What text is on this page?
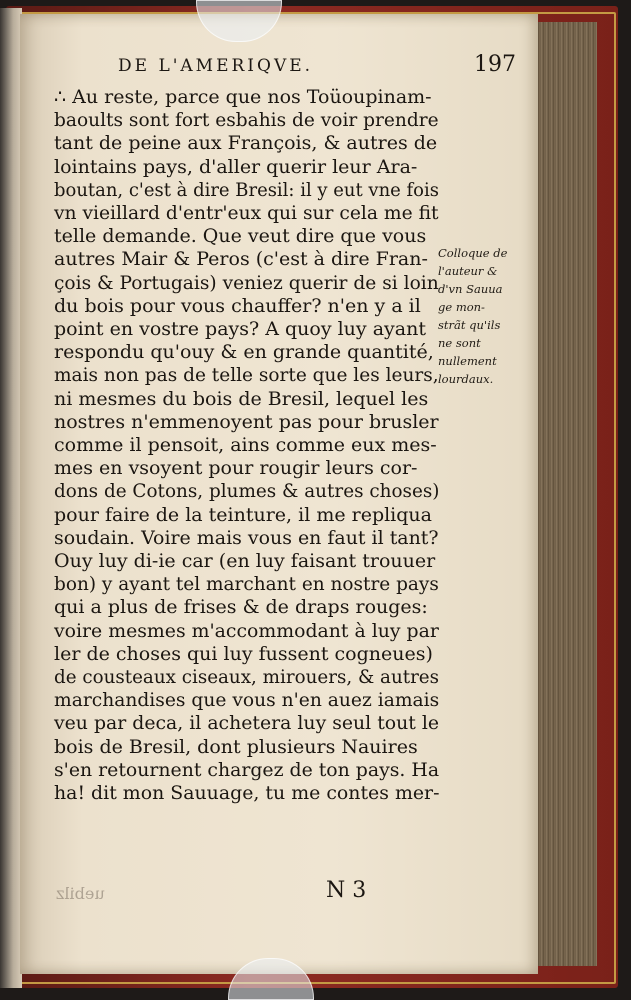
DE L'AMERIQVE.	197
∴ Au reste, parce que nos Toüoupinam-
baoults sont fort esbahis de voir prendre
tant de peine aux François, & autres de
lointains pays, d'aller querir leur Ara-
boutan, c'est à dire Bresil: il y eut vne fois
vn vieillard d'entr'eux qui sur cela me fit
telle demande. Que veut dire que vous
autres Mair & Peros (c'est à dire Fran-
çois & Portugais) veniez querir de si loin
du bois pour vous chauffer? n'en y a il
point en vostre pays? A quoy luy ayant
respondu qu'ouy & en grande quantité,
mais non pas de telle sorte que les leurs,
ni mesmes du bois de Bresil, lequel les
nostres n'emmenoyent pas pour brusler
comme il pensoit, ains comme eux mes-
mes en vsoyent pour rougir leurs cor-
dons de Cotons, plumes & autres choses)
pour faire de la teinture, il me repliqua
soudain. Voire mais vous en faut il tant?
Ouy luy di-ie car (en luy faisant trouuer
bon) y ayant tel marchant en nostre pays
qui a plus de frises & de draps rouges:
voire mesmes m'accommodant à luy par
ler de choses qui luy fussent cogneues)
de cousteaux ciseaux, mirouers, & autres
marchandises que vous n'en auez iamais
veu par deca, il achetera luy seul tout le
bois de Bresil, dont plusieurs Nauires
s'en retournent chargez de ton pays. Ha
ha! dit mon Sauuage, tu me contes mer-
Colloque de
l'auteur &
d'vn Sauua
ge mon-
strãt qu'ils
ne sont
nullement
lourdaux.
uebilz	N 3
